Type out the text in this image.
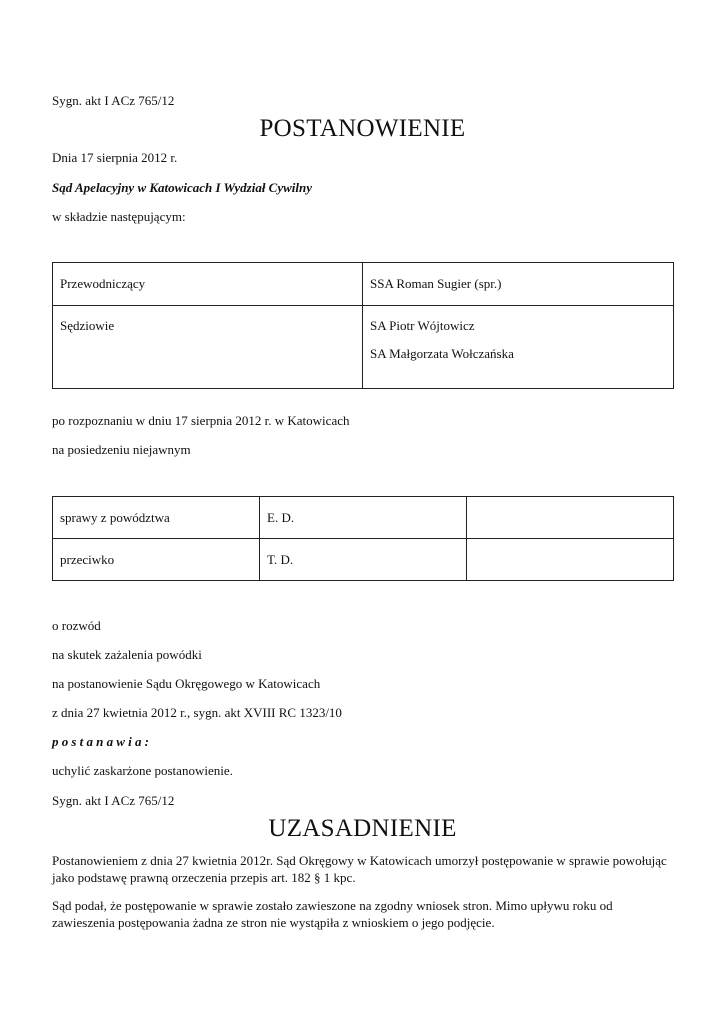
Sygn. akt I ACz 765/12
POSTANOWIENIE
Dnia 17 sierpnia 2012 r.
Sąd Apelacyjny w Katowicach I Wydział Cywilny
w składzie następującym:
Przewodniczący	SSA Roman Sugier (spr.)

Sędziowie	SA Piotr Wójtowicz
SA Małgorzata Wołczańska
po rozpoznaniu w dniu 17 sierpnia 2012 r. w Katowicach
na posiedzeniu niejawnym
sprawy z powództwa	E. D.	
przeciwko	T. D.	
o rozwód
na skutek zażalenia powódki
na postanowienie Sądu Okręgowego w Katowicach
z dnia 27 kwietnia 2012 r., sygn. akt XVIII RC 1323/10
postanawia:
uchylić zaskarżone postanowienie.
Sygn. akt I ACz 765/12
UZASADNIENIE
Postanowieniem z dnia 27 kwietnia 2012r. Sąd Okręgowy w Katowicach umorzył postępowanie w sprawie powołując jako podstawę prawną orzeczenia przepis art. 182 § 1 kpc.
Sąd podał, że postępowanie w sprawie zostało zawieszone na zgodny wniosek stron. Mimo upływu roku od zawieszenia postępowania żadna ze stron nie wystąpiła z wnioskiem o jego podjęcie.
